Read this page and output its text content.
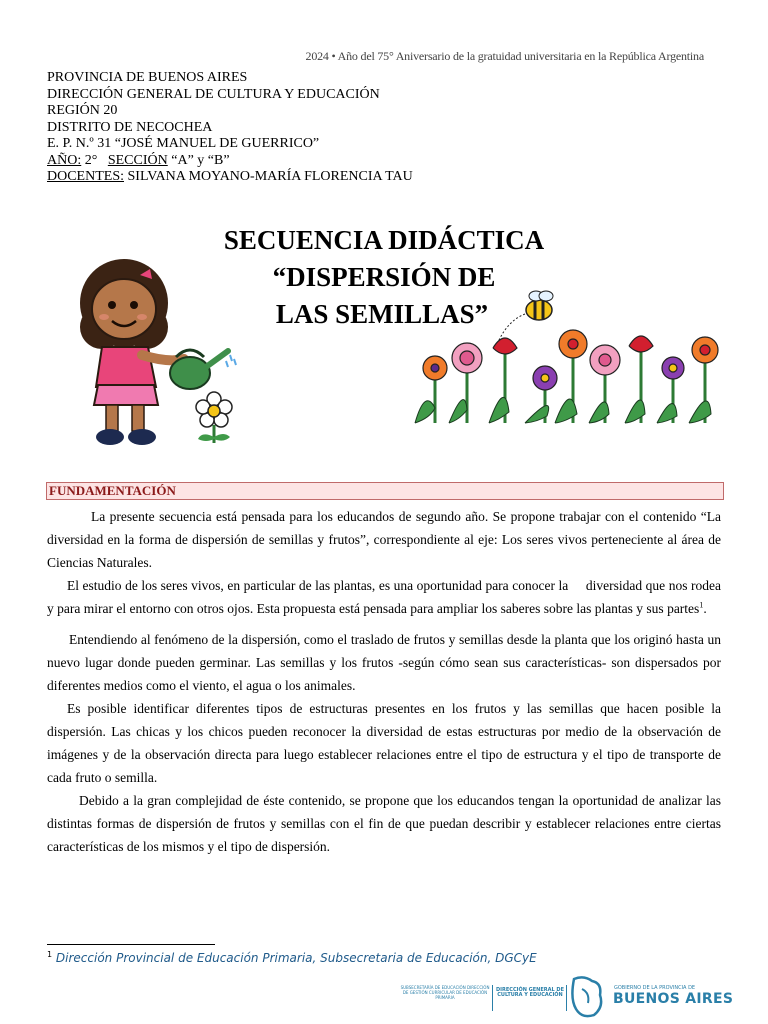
2024 • Año del 75° Aniversario de la gratuidad universitaria en la República Argentina
PROVINCIA DE BUENOS AIRES
DIRECCIÓN GENERAL DE CULTURA Y EDUCACIÓN
REGIÓN 20
DISTRITO DE NECOCHEA
E. P. N.º 31 “JOSÉ MANUEL DE GUERRICO”
AÑO: 2°   SECCIÓN “A” y “B”
DOCENTES: SILVANA MOYANO-MARÍA FLORENCIA TAU
SECUENCIA DIDÁCTICA
“DISPERSIÓN DE
LAS SEMILLAS”
FUNDAMENTACIÓN

La presente secuencia está pensada para los educandos de segundo año. Se propone trabajar con el contenido “La diversidad en la forma de dispersión de semillas y frutos”, correspondiente al eje: Los seres vivos perteneciente al área de Ciencias Naturales.

El estudio de los seres vivos, en particular de las plantas, es una oportunidad para conocer la     diversidad que nos rodea y para mirar el entorno con otros ojos. Esta propuesta está pensada para ampliar los saberes sobre las plantas y sus partes$^1$.

Entendiendo al fenómeno de la dispersión, como el traslado de frutos y semillas desde la planta que los originó hasta un nuevo lugar donde pueden germinar. Las semillas y los frutos -según cómo sean sus características- son dispersados por diferentes medios como el viento, el agua o los animales.

Es posible identificar diferentes tipos de estructuras presentes en los frutos y las semillas que hacen posible la dispersión. Las chicas y los chicos pueden reconocer la diversidad de estas estructuras por medio de la observación de imágenes y de la observación directa para luego establecer relaciones entre el tipo de estructura y el tipo de transporte de cada fruto o semilla.

Debido a la gran complejidad de éste contenido, se propone que los educandos tengan la oportunidad de analizar las distintas formas de dispersión de frutos y semillas con el fin de que puedan describir y establecer relaciones entre ciertas características de los mismos y el tipo de dispersión.

$^1$ Dirección Provincial de Educación Primaria, Subsecretaria de Educación, DGCyE
SUBSECRETARÍA DE EDUCACIÓN DIRECCIÓN DE GESTIÓN CURRICULAR DE EDUCACIÓN PRIMARIA
DIRECCIÓN GENERAL DE CULTURA Y EDUCACIÓN
GOBIERNO DE LA PROVINCIA DE
BUENOS AIRES
